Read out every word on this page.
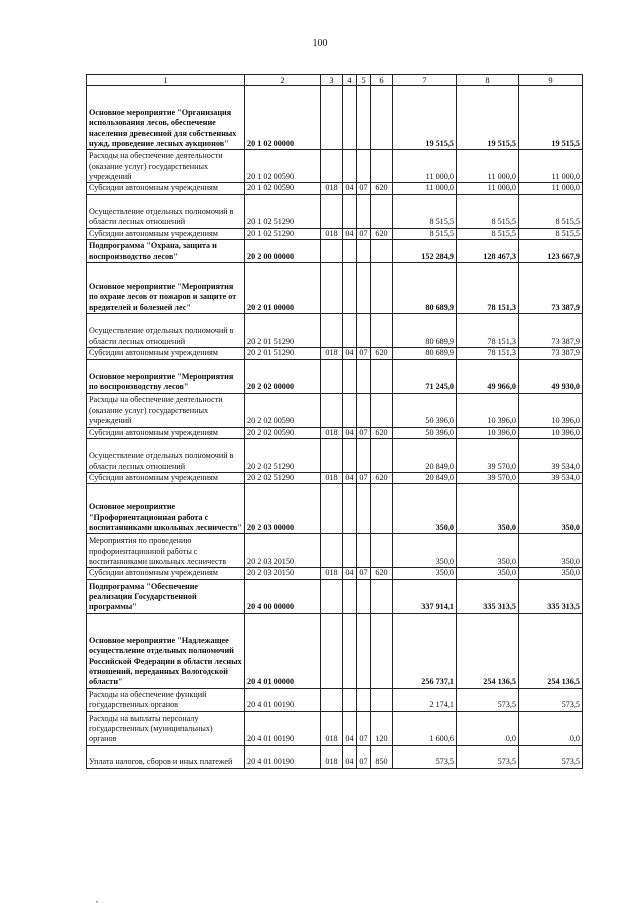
100
1	2	3	4	5	6	7	8	9
Основное мероприятие "Организация использования лесов, обеспечение населения древесиной для собственных нужд, проведение лесных аукционов"	20 1 02 00000					19 515,5	19 515,5	19 515,5
Расходы на обеспечение деятельности (оказание услуг) государственных учреждений	20 1 02 00590					11 000,0	11 000,0	11 000,0
Субсидии автономным учреждениям	20 1 02 00590	018	04	07	620	11 000,0	11 000,0	11 000,0
Осуществление отдельных полномочий в области лесных отношений	20 1 02 51290					8 515,5	8 515,5	8 515,5
Субсидии автономным учреждениям	20 1 02 51290	018	04	07	620	8 515,5	8 515,5	8 515,5
Подпрограмма "Охрана, защита и воспроизводство лесов"	20 2 00 00000					152 284,9	128 467,3	123 667,9
Основное мероприятие "Мероприятия по охране лесов от пожаров и защите от вредителей и болезней лес"	20 2 01 00000					80 689,9	78 151,3	73 387,9
Осуществление отдельных полномочий в области лесных отношений	20 2 01 51290					80 689,9	78 151,3	73 387,9
Субсидии автономным учреждениям	20 2 01 51290	018	04	07	620	80 689,9	78 151,3	73 387,9
Основное мероприятие "Мероприятия по воспроизводству лесов"	20 2 02 00000					71 245,0	49 966,0	49 930,0
Расходы на обеспечение деятельности (оказание услуг) государственных учреждений	20 2 02 00590					50 396,0	10 396,0	10 396,0
Субсидии автономным учреждениям	20 2 02 00590	018	04	07	620	50 396,0	10 396,0	10 396,0
Осуществление отдельных полномочий в области лесных отношений	20 2 02 51290					20 849,0	39 570,0	39 534,0
Субсидии автономным учреждениям	20 2 02 51290	018	04	07	620	20 849,0	39 570,0	39 534,0
Основное мероприятие "Профориентационная работа с воспитанниками школьных лесничеств"	20 2 03 00000					350,0	350,0	350,0
Мероприятия по проведению профориентационной работы с воспитанниками школьных лесничеств	20 2 03 20150					350,0	350,0	350,0
Субсидии автономным учреждениям	20 2 03 20150	018	04	07	620	350,0	350,0	350,0
Подпрограмма "Обеспечение реализации Государственной программы"	20 4 00 00000					337 914,1	335 313,5	335 313,5
Основное мероприятие "Надлежащее осуществление отдельных полномочий Российской Федерации в области лесных отношений, переданных Вологодской области"	20 4 01 00000					256 737,1	254 136,5	254 136,5
Расходы на обеспечение функций государственных органов	20 4 01 00190					2 174,1	573,5	573,5
Расходы на выплаты персоналу государственных (муниципальных) органов	20 4 01 00190	018	04	07	120	1 600,6	0,0	0,0
Уплата налогов, сборов и иных платежей	20 4 01 00190	018	04	07	850	573,5	573,5	573,5
,
